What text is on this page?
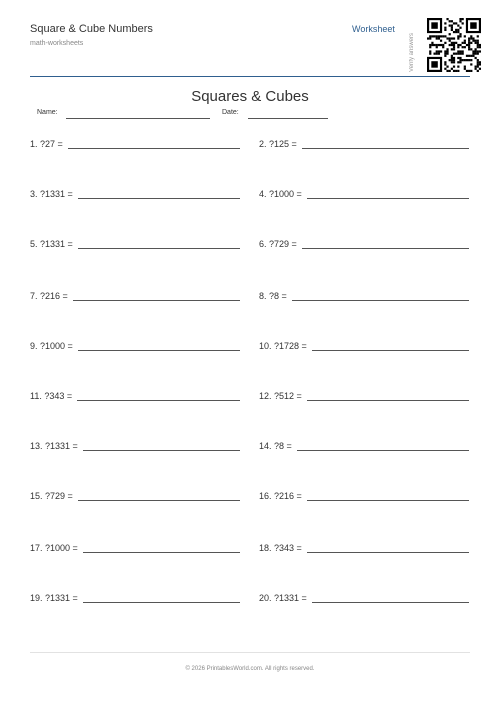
Square & Cube Numbers
math-worksheets
Worksheet
Verify answers
Squares & Cubes
Name:	Date:
1. ?27 =	2. ?125 =
3. ?1331 =	4. ?1000 =
5. ?1331 =	6. ?729 =
7. ?216 =	8. ?8 =
9. ?1000 =	10. ?1728 =
11. ?343 =	12. ?512 =
13. ?1331 =	14. ?8 =
15. ?729 =	16. ?216 =
17. ?1000 =	18. ?343 =
19. ?1331 =	20. ?1331 =
© 2026 PrintablesWorld.com. All rights reserved.
